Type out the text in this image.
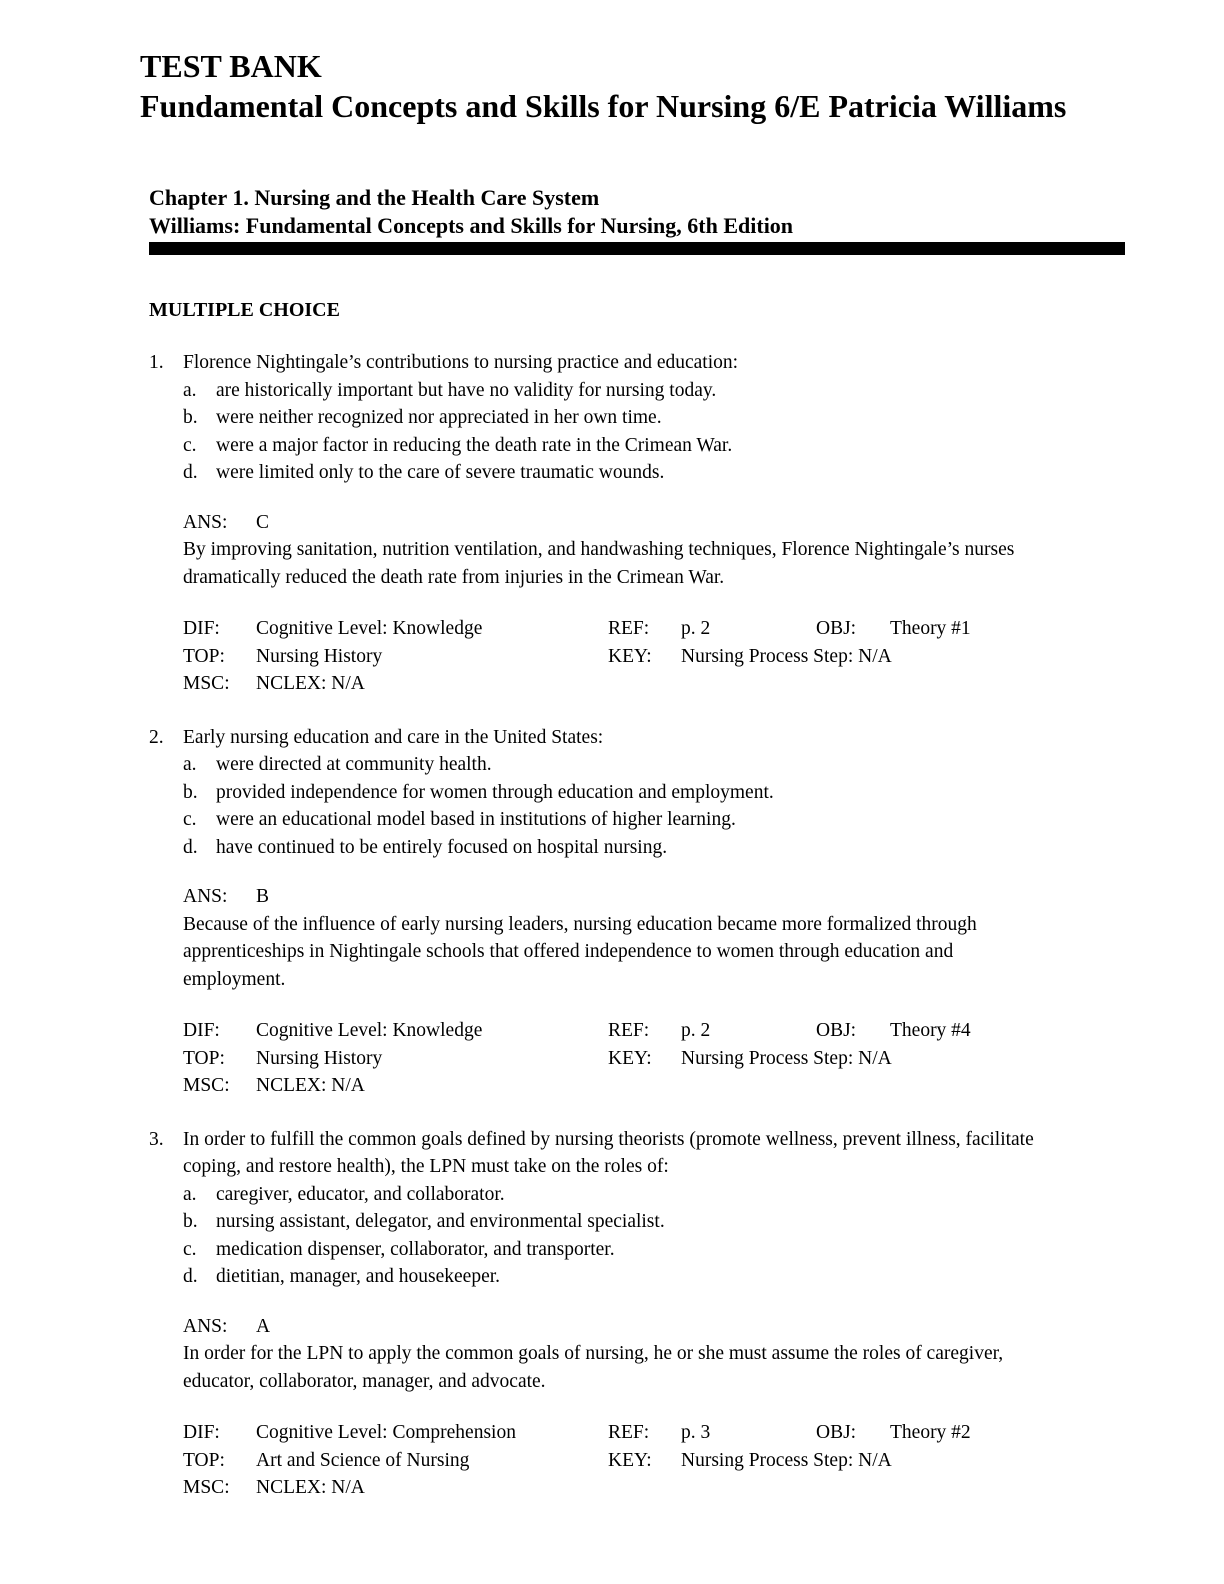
TEST BANK
Fundamental Concepts and Skills for Nursing 6/E Patricia Williams
Chapter 1. Nursing and the Health Care System
Williams: Fundamental Concepts and Skills for Nursing, 6th Edition
MULTIPLE CHOICE
1. Florence Nightingale’s contributions to nursing practice and education:
a. are historically important but have no validity for nursing today.
b. were neither recognized nor appreciated in her own time.
c. were a major factor in reducing the death rate in the Crimean War.
d. were limited only to the care of severe traumatic wounds.
ANS:	C
By improving sanitation, nutrition ventilation, and handwashing techniques, Florence Nightingale’s nurses dramatically reduced the death rate from injuries in the Crimean War.
DIF:	Cognitive Level: Knowledge	REF:	p. 2	OBJ:	Theory #1
TOP:	Nursing History	KEY:	Nursing Process Step: N/A
MSC:	NCLEX: N/A
2. Early nursing education and care in the United States:
a. were directed at community health.
b. provided independence for women through education and employment.
c. were an educational model based in institutions of higher learning.
d. have continued to be entirely focused on hospital nursing.
ANS:	B
Because of the influence of early nursing leaders, nursing education became more formalized through apprenticeships in Nightingale schools that offered independence to women through education and employment.
DIF:	Cognitive Level: Knowledge	REF:	p. 2	OBJ:	Theory #4
TOP:	Nursing History	KEY:	Nursing Process Step: N/A
MSC:	NCLEX: N/A
3. In order to fulfill the common goals defined by nursing theorists (promote wellness, prevent illness, facilitate coping, and restore health), the LPN must take on the roles of:
a. caregiver, educator, and collaborator.
b. nursing assistant, delegator, and environmental specialist.
c. medication dispenser, collaborator, and transporter.
d. dietitian, manager, and housekeeper.
ANS:	A
In order for the LPN to apply the common goals of nursing, he or she must assume the roles of caregiver, educator, collaborator, manager, and advocate.
DIF:	Cognitive Level: Comprehension	REF:	p. 3	OBJ:	Theory #2
TOP:	Art and Science of Nursing	KEY:	Nursing Process Step: N/A
MSC:	NCLEX: N/A
